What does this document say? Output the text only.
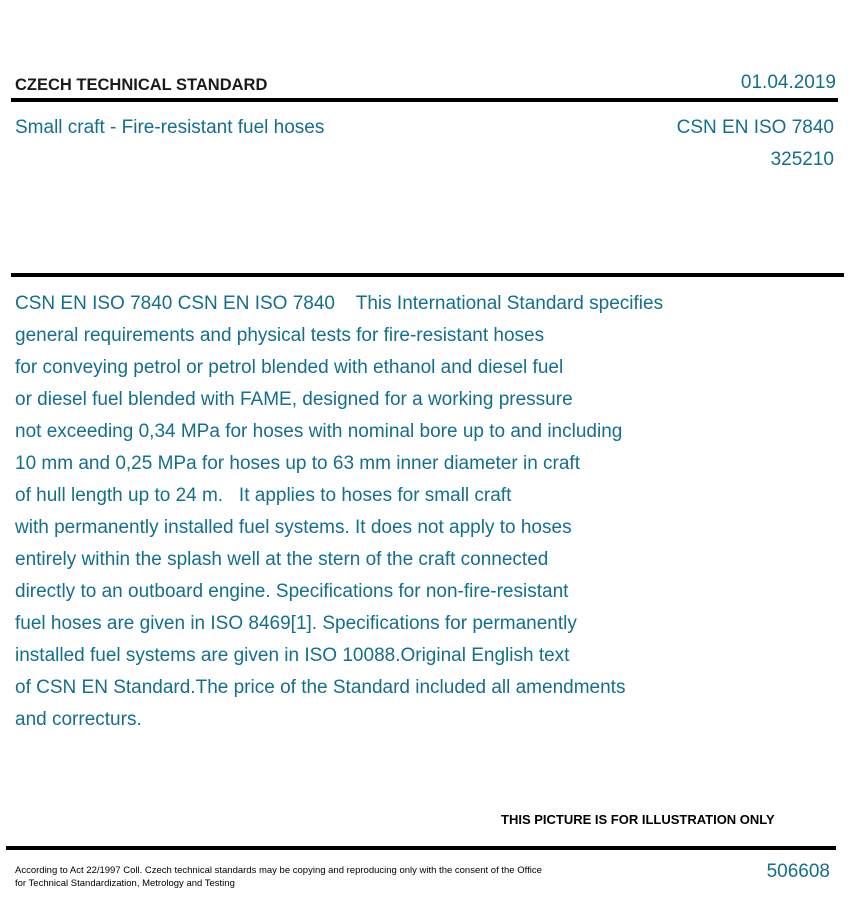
CZECH TECHNICAL STANDARD	01.04.2019
Small craft - Fire-resistant fuel hoses	CSN EN ISO 7840
325210
CSN EN ISO 7840 CSN EN ISO 7840    This International Standard specifies
general requirements and physical tests for fire-resistant hoses
for conveying petrol or petrol blended with ethanol and diesel fuel
or diesel fuel blended with FAME, designed for a working pressure
not exceeding 0,34 MPa for hoses with nominal bore up to and including
10 mm and 0,25 MPa for hoses up to 63 mm inner diameter in craft
of hull length up to 24 m.   It applies to hoses for small craft
with permanently installed fuel systems. It does not apply to hoses
entirely within the splash well at the stern of the craft connected
directly to an outboard engine. Specifications for non-fire-resistant
fuel hoses are given in ISO 8469[1]. Specifications for permanently
installed fuel systems are given in ISO 10088.Original English text
of CSN EN Standard.The price of the Standard included all amendments
and correcturs.
THIS PICTURE IS FOR ILLUSTRATION ONLY
According to Act 22/1997 Coll. Czech technical standards may be copying and reproducing only with the consent of the Office
for Technical Standardization, Metrology and Testing
506608
